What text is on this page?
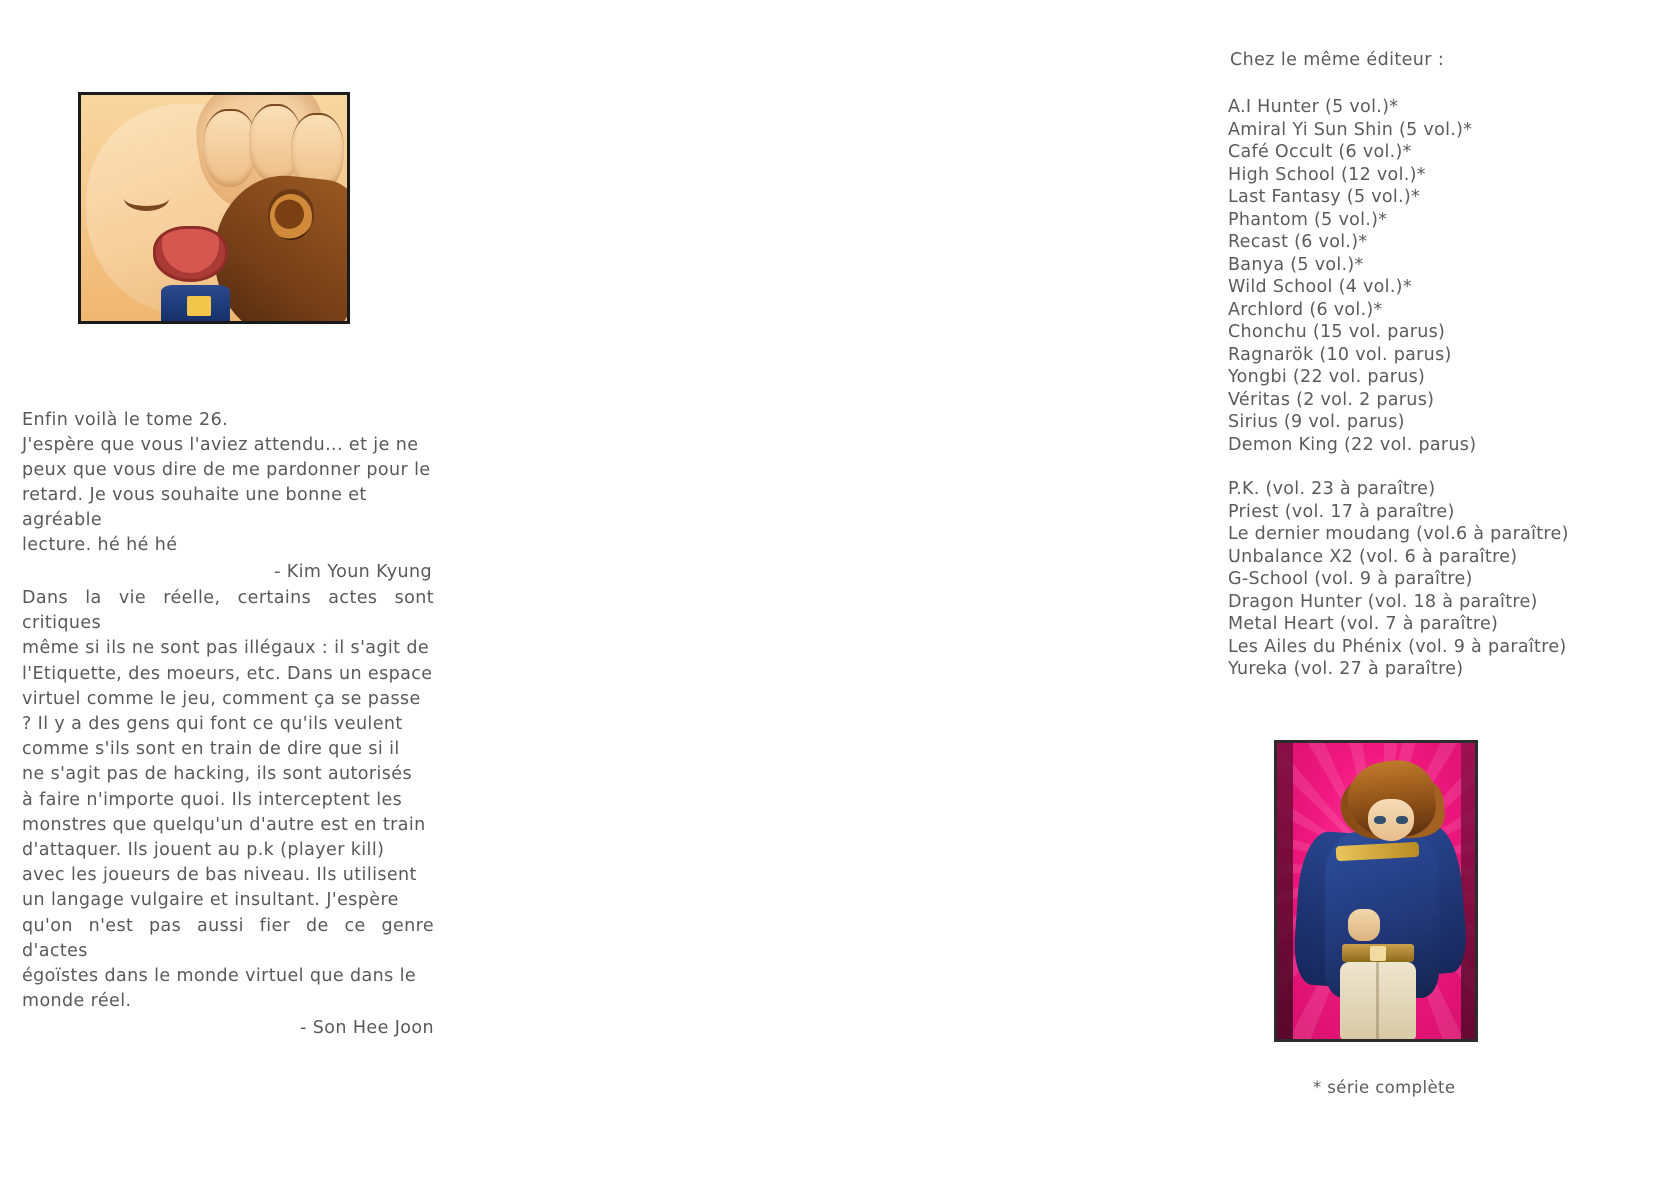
Enfin voilà le tome 26.

J'espère que vous l'aviez attendu... et je ne

peux que vous dire de me pardonner pour le

retard. Je vous souhaite une bonne et agréable

lecture. hé hé hé

- Kim Youn Kyung

Dans la vie réelle, certains actes sont critiques

même si ils ne sont pas illégaux : il s'agit de

l'Etiquette, des moeurs, etc. Dans un espace

virtuel comme le jeu, comment ça se passe

? Il y a des gens qui font ce qu'ils veulent

comme s'ils sont en train de dire que si il

ne s'agit pas de hacking, ils sont autorisés

à faire n'importe quoi. Ils interceptent les

monstres que quelqu'un d'autre est en train

d'attaquer. Ils jouent au p.k (player kill)

avec les joueurs de bas niveau. Ils utilisent

un langage vulgaire et insultant. J'espère

qu'on n'est pas aussi fier de ce genre d'actes

égoïstes dans le monde virtuel que dans le

monde réel.

- Son Hee Joon
Chez le même éditeur :
A.I Hunter (5 vol.)*
Amiral Yi Sun Shin (5 vol.)*
Café Occult (6 vol.)*
High School (12 vol.)*
Last Fantasy (5 vol.)*
Phantom (5 vol.)*
Recast (6 vol.)*
Banya (5 vol.)*
Wild School (4 vol.)*
Archlord (6 vol.)*
Chonchu (15 vol. parus)
Ragnarök (10 vol. parus)
Yongbi (22 vol. parus)
Véritas (2 vol. 2 parus)
Sirius (9 vol. parus)
Demon King (22 vol. parus)
P.K. (vol. 23 à paraître)
Priest (vol. 17 à paraître)
Le dernier moudang (vol.6 à paraître)
Unbalance X2 (vol. 6 à paraître)
G-School (vol. 9 à paraître)
Dragon Hunter (vol. 18 à paraître)
Metal Heart (vol. 7 à paraître)
Les Ailes du Phénix (vol. 9 à paraître)
Yureka (vol. 27 à paraître)
* série complète
